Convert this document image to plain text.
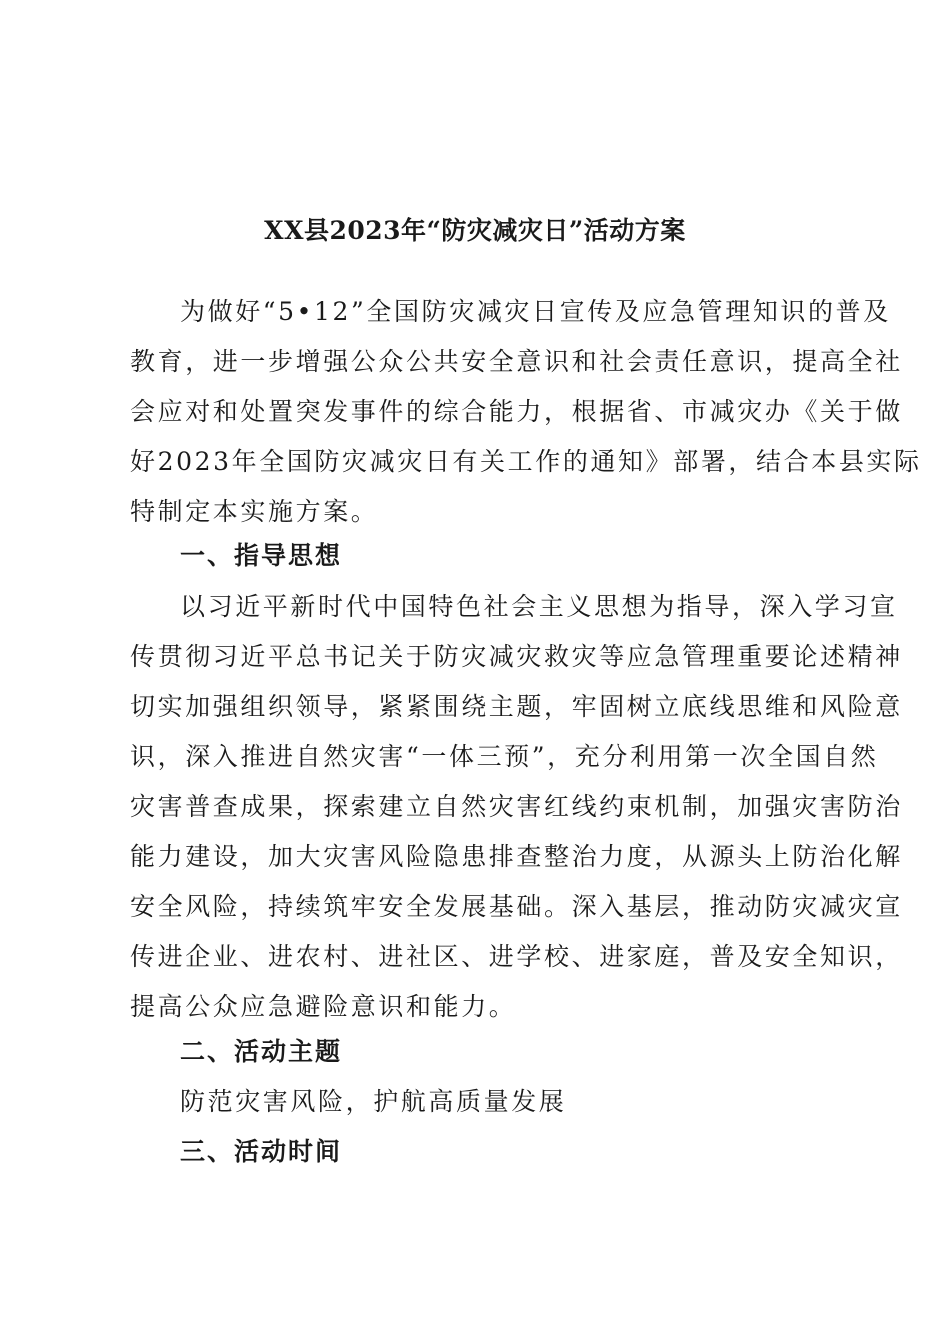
XX县2023年“防灾减灾日”活动方案
为做好“5•12”全国防灾减灾日宣传及应急管理知识的普及
教育，进一步增强公众公共安全意识和社会责任意识，提高全社
会应对和处置突发事件的综合能力，根据省、市减灾办《关于做
好2023年全国防灾减灾日有关工作的通知》部署，结合本县实际
特制定本实施方案。
一、指导思想
以习近平新时代中国特色社会主义思想为指导，深入学习宣
传贯彻习近平总书记关于防灾减灾救灾等应急管理重要论述精神
切实加强组织领导，紧紧围绕主题，牢固树立底线思维和风险意
识，深入推进自然灾害“一体三预”，充分利用第一次全国自然
灾害普查成果，探索建立自然灾害红线约束机制，加强灾害防治
能力建设，加大灾害风险隐患排查整治力度，从源头上防治化解
安全风险，持续筑牢安全发展基础。深入基层，推动防灾减灾宣
传进企业、进农村、进社区、进学校、进家庭，普及安全知识，
提高公众应急避险意识和能力。
二、活动主题
防范灾害风险，护航高质量发展
三、活动时间
